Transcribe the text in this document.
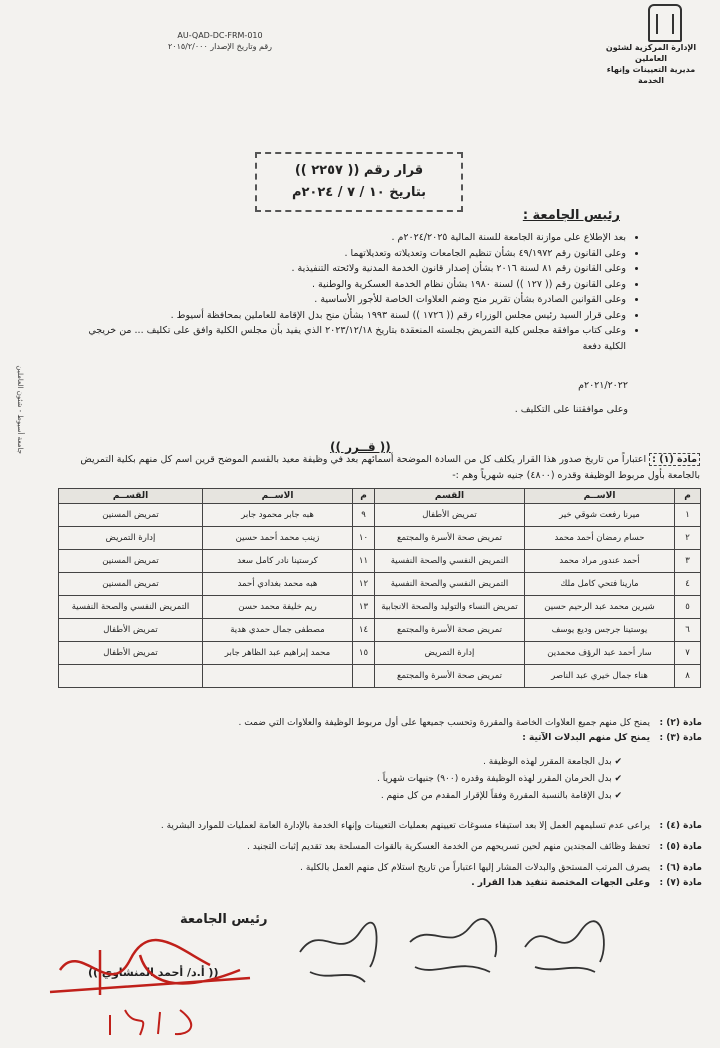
الإدارة المركزية لشئون العاملين
مديرية التعيينات وإنهاء الخدمة
AU-QAD-DC-FRM-010
رقم وتاريخ الإصدار ٢٠١٥/٢/٠٠٠
قرار رقم (( ٢٢٥٧ ))
بتاريخ ١٠ / ٧ / ٢٠٢٤م
رئيس الجامعة :
• بعد الإطلاع على موازنة الجامعة للسنة المالية ٢٠٢٤/٢٠٢٥م .
• وعلى القانون رقم ٤٩/١٩٧٢ بشأن تنظيم الجامعات وتعديلاته وتعديلاتهما .
• وعلى القانون رقم ٨١ لسنة ٢٠١٦ بشأن إصدار قانون الخدمة المدنية ولائحته التنفيذية .
• وعلى القانون رقم (( ١٢٧ )) لسنة ١٩٨٠ بشأن نظام الخدمة العسكرية والوطنية .
• وعلى القوانين الصادرة بشأن تقرير منح وضم العلاوات الخاصة للأجور الأساسية .
• وعلى قرار السيد رئيس مجلس الوزراء رقم (( ١٧٢٦ )) لسنة ١٩٩٣ بشأن منح بدل الإقامة للعاملين بمحافظة أسيوط .
• وعلى كتاب موافقة مجلس كلية التمريض بجلسته المنعقدة بتاريخ ٢٠٢٣/١٢/١٨ الذي يفيد بأن مجلس الكلية وافق على تكليف ... من خريجي الكلية دفعة
٢٠٢١/٢٠٢٢م
وعلى موافقتنا على التكليف .
(( قــرر ))
مادة (١) : اعتباراً من تاريخ صدور هذا القرار يكلف كل من السادة الموضحة أسمائهم بعد في وظيفة معيد بالقسم الموضح قرين اسم كل منهم بكلية التمريض بالجامعة بأول مربوط الوظيفة وقدره (٤٨٠٠) جنيه شهرياً وهم :-
م	الاســم	القسم	م	الاســم	القســم
١	ميرنا رفعت شوقي خير	تمريض الأطفال	٩	هبه جابر محمود جابر	تمريض المسنين
٢	حسام رمضان أحمد محمد	تمريض صحة الأسرة والمجتمع	١٠	زينب محمد أحمد حسين	إدارة التمريض
٣	أحمد عندور مراد محمد	التمريض النفسي والصحة النفسية	١١	كرستينا نادر كامل سعد	تمريض المسنين
٤	مارينا فتحي كامل ملك	التمريض النفسي والصحة النفسية	١٢	هبه محمد بغدادي أحمد	تمريض المسنين
٥	شيرين محمد عبد الرحيم حسين	تمريض النساء والتوليد والصحة الانجابية	١٣	ريم خليفة محمد حسن	التمريض النفسي والصحة النفسية
٦	يوستينا جرجس وديع يوسف	تمريض صحة الأسرة والمجتمع	١٤	مصطفى جمال حمدي هدية	تمريض الأطفال
٧	سار أحمد عبد الرؤف محمدين	إدارة التمريض	١٥	محمد إبراهيم عبد الظاهر جابر	تمريض الأطفال
٨	هناء جمال خيري عبد الناصر	تمريض صحة الأسرة والمجتمع			

مادة (٢) :يمنح كل منهم جميع العلاوات الخاصة والمقررة وتحسب جميعها على أول مربوط الوظيفة والعلاوات التي ضمت .

مادة (٣) :يمنح كل منهم البدلات الآتية :

✔ بدل الجامعة المقرر لهذه الوظيفة .
✔ بدل الحرمان المقرر لهذه الوظيفة وقدره (٩٠٠) جنيهات شهرياً .
✔ بدل الإقامة بالنسبة المقررة وفقاً للإقرار المقدم من كل منهم .

مادة (٤) :يراعى عدم تسليمهم العمل إلا بعد استيفاء مسوغات تعيينهم بعمليات التعيينات وإنهاء الخدمة بالإدارة العامة لعمليات للموارد البشرية .

مادة (٥) :تحفظ وظائف المجندين منهم لحين تسريحهم من الخدمة العسكرية بالقوات المسلحة بعد تقديم إثبات التجنيد .

مادة (٦) :يصرف المرتب المستحق والبدلات المشار إليها اعتباراً من تاريخ استلام كل منهم العمل بالكلية .

مادة (٧) :وعلى الجهات المختصة تنفيذ هذا القرار .

رئيس الجامعة
(( أ.د/ أحمد المنشاوي ))
جامعة أسيوط - شئون العاملين
